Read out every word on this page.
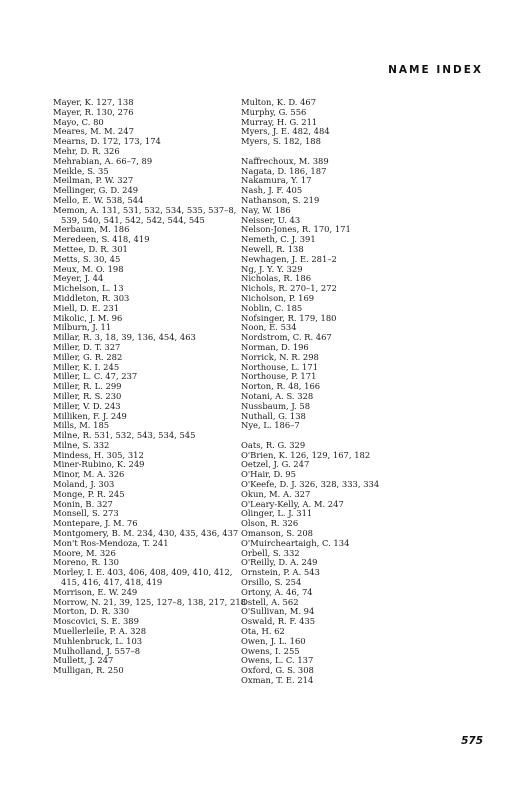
NAME INDEX
Mayer, K. 127, 138
Mayer, R. 130, 276
Mayo, C. 80
Meares, M. M. 247
Mearns, D. 172, 173, 174
Mehr, D. R. 326
Mehrabian, A. 66–7, 89
Meikle, S. 35
Meilman, P. W. 327
Mellinger, G. D. 249
Mello, E. W. 538, 544
Memon, A. 131, 531, 532, 534, 535, 537–8, 539, 540, 541, 542, 542, 544, 545
Merbaum, M. 186
Meredeen, S. 418, 419
Mettee, D. R. 301
Metts, S. 30, 45
Meux, M. O. 198
Meyer, J. 44
Michelson, L. 13
Middleton, R. 303
Miell, D. E. 231
Mikolic, J. M. 96
Milburn, J. 11
Millar, R. 3, 18, 39, 136, 454, 463
Miller, D. T. 327
Miller, G. R. 282
Miller, K. I. 245
Miller, L. C. 47, 237
Miller, R. L. 299
Miller, R. S. 230
Miller, V. D. 243
Milliken, F. J. 249
Mills, M. 185
Milne, R. 531, 532, 543, 534, 545
Milne, S. 332
Mindess, H. 305, 312
Miner-Rubino, K. 249
Minor, M. A. 326
Moland, J. 303
Monge, P. R. 245
Monin, B. 327
Monsell, S. 273
Montepare, J. M. 76
Montgomery, B. M. 234, 430, 435, 436, 437
Mon't Ros-Mendoza, T. 241
Moore, M. 326
Moreno, R. 130
Morley, I. E. 403, 406, 408, 409, 410, 412, 415, 416, 417, 418, 419
Morrison, E. W. 249
Morrow, N. 21, 39, 125, 127–8, 138, 217, 218
Morton, D. R. 330
Moscovici, S. E. 389
Muellerleile, P. A. 328
Muhlenbruck, L. 103
Mulholland, J. 557–8
Mullett, J. 247
Mulligan, R. 250
Multon, K. D. 467
Murphy, G. 556
Murray, H. G. 211
Myers, J. E. 482, 484
Myers, S. 182, 188
Naffrechoux, M. 389
Nagata, D. 186, 187
Nakamura, Y. 17
Nash, J. F. 405
Nathanson, S. 219
Nay, W. 186
Neisser, U. 43
Nelson-Jones, R. 170, 171
Nemeth, C. J. 391
Newell, R. 138
Newhagen, J. E. 281–2
Ng, J. Y. Y. 329
Nicholas, R. 186
Nichols, R. 270–1, 272
Nicholson, P. 169
Noblin, C. 185
Nofsinger, R. 179, 180
Noon, E. 534
Nordstrom, C. R. 467
Norman, D. 196
Norrick, N. R. 298
Northouse, L. 171
Northouse, P. 171
Norton, R. 48, 166
Notani, A. S. 328
Nussbaum, J. 58
Nuthall, G. 138
Nye, L. 186–7
Oats, R. G. 329
O'Brien, K. 126, 129, 167, 182
Oetzel, J. G. 247
O'Hair, D. 95
O'Keefe, D. J. 326, 328, 333, 334
Okun, M. A. 327
O'Leary-Kelly, A. M. 247
Olinger, L. J. 311
Olson, R. 326
Omanson, S. 208
O'Muircheartaigh, C. 134
Orbell, S. 332
O'Reilly, D. A. 249
Ornstein, P. A. 543
Orsillo, S. 254
Ortony, A. 46, 74
Ostell, A. 562
O'Sullivan, M. 94
Oswald, R. F. 435
Ota, H. 62
Owen, J. L. 160
Owens, I. 255
Owens, L. C. 137
Oxford, G. S. 308
Oxman, T. E. 214
575
